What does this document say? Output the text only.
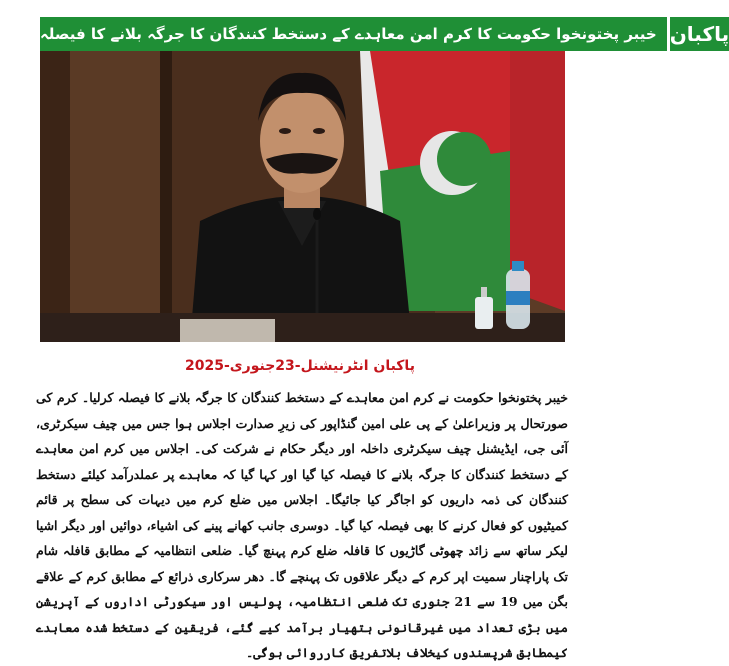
خیبر پختونخوا حکومت کا کرم امن معاہدے کے دستخط کنندگان کا جرگہ بلانے کا فیصلہ پاکبان
پاکبان انٹرنیشنل-23جنوری-2025

خیبر پختونخوا حکومت نے کرم امن معاہدے کے دستخط کنندگان کا جرگہ بلانے کا فیصلہ کرلیا۔ کرم کی صورتحال پر وزیراعلیٰ کے پی علی امین گنڈاپور کی زیرِ صدارت اجلاس ہوا جس میں چیف سیکرٹری، آئی جی، ایڈیشنل چیف سیکرٹری داخلہ اور دیگر حکام نے شرکت کی۔ اجلاس میں کرم امن معاہدے کے دستخط کنندگان کا جرگہ بلانے کا فیصلہ کیا گیا اور کہا گیا کہ معاہدے پر عملدرآمد کیلئے دستخط کنندگان کی ذمہ داریوں کو اجاگر کیا جائیگا۔ اجلاس میں ضلع کرم میں دیہات کی سطح پر قائم کمیٹیوں کو فعال کرنے کا بھی فیصلہ کیا گیا۔ دوسری جانب کھانے پینے کی اشیاء، دوائیں اور دیگر اشیا لیکر ساتھ سے زائد چھوٹی گاڑیوں کا قافلہ ضلع کرم پہنچ گیا۔ ضلعی انتظامیہ کے مطابق قافلہ شام تک پاراچنار سمیت اپر کرم کے دیگر علاقوں تک پہنچے گا۔ دھر سرکاری ذرائع کے مطابق کرم کے علاقے بگن میں 19 سے 21 جنوری تک ضلعی انتظامیہ، پولیس اور سیکورٹی اداروں کے آپریشن میں بڑی تعداد میں غیرقانونی ہتھیار برآمد کیے گئے، فریقین کے دستخط شدہ معاہدے کیمطابق شرپسندوں کیخلاف بلاتفریق کارروائی ہوگی۔
